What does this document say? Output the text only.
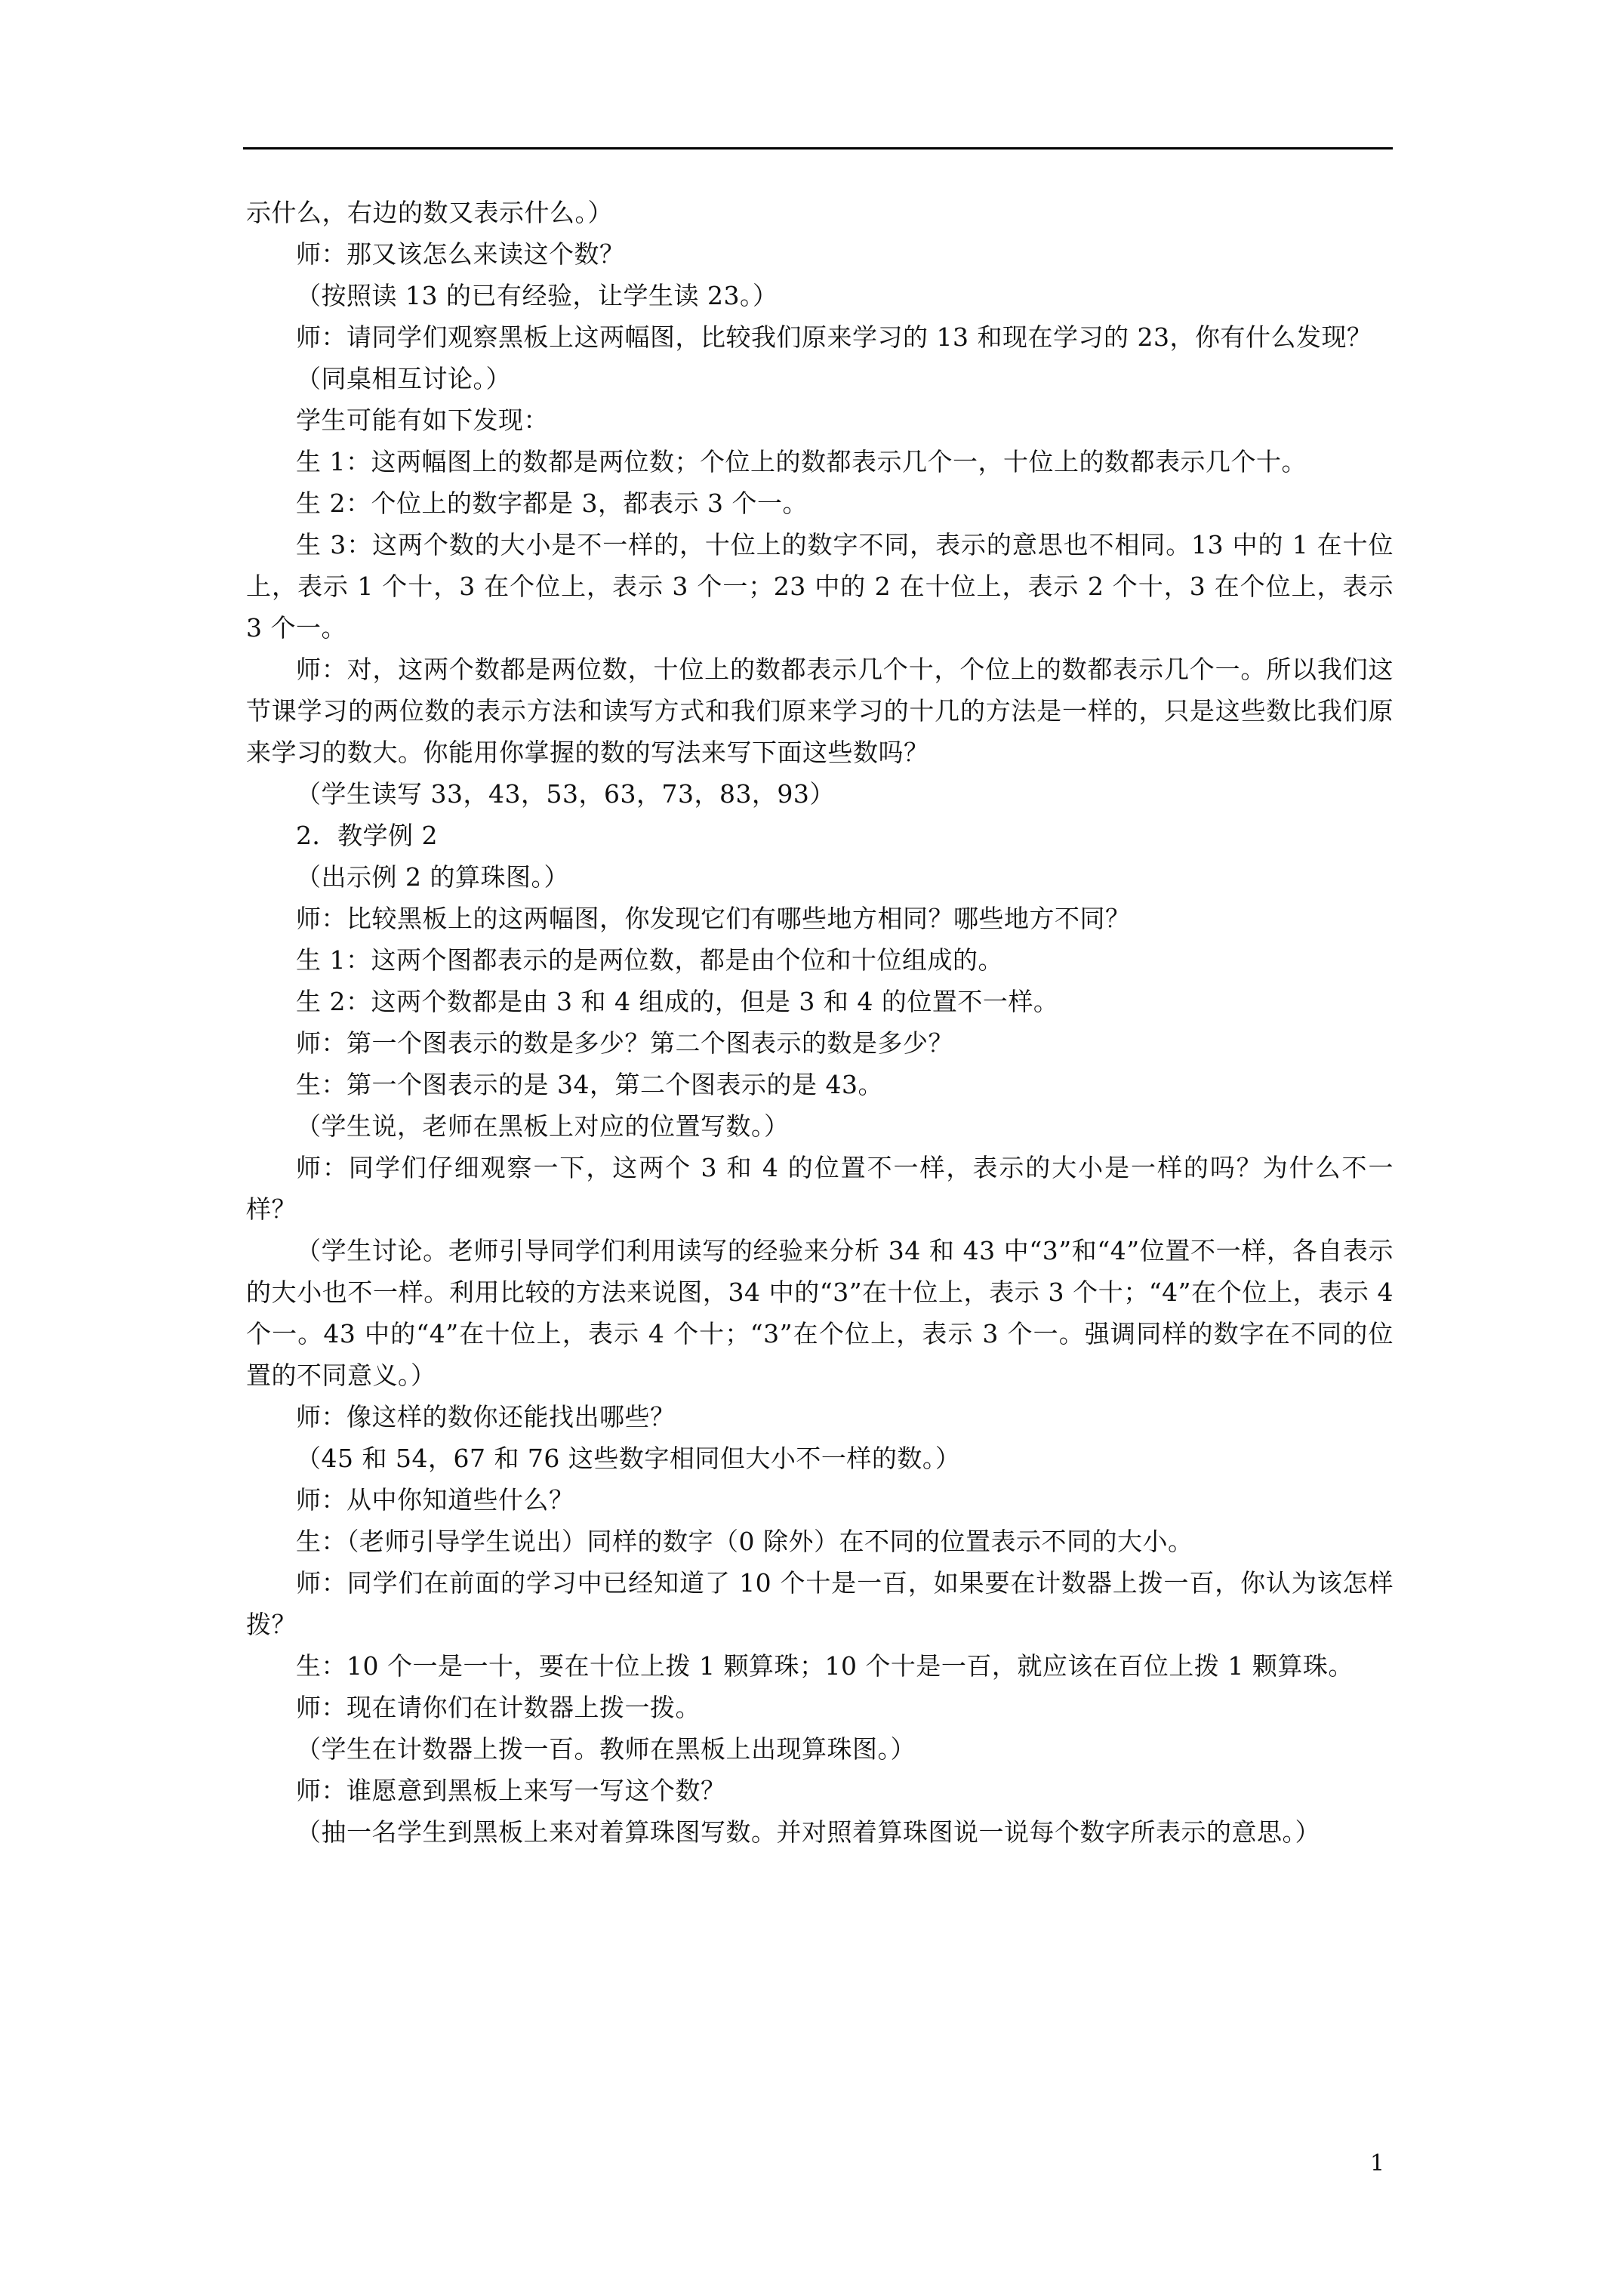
示什么，右边的数又表示什么。）

师：那又该怎么来读这个数？

（按照读 13 的已有经验，让学生读 23。）

师：请同学们观察黑板上这两幅图，比较我们原来学习的 13 和现在学习的 23，你有什么发现？

（同桌相互讨论。）

学生可能有如下发现：

生 1：这两幅图上的数都是两位数；个位上的数都表示几个一，十位上的数都表示几个十。

生 2：个位上的数字都是 3，都表示 3 个一。

生 3：这两个数的大小是不一样的，十位上的数字不同，表示的意思也不相同。13 中的 1 在十位上，表示 1 个十，3 在个位上，表示 3 个一；23 中的 2 在十位上，表示 2 个十，3 在个位上，表示 3 个一。

师：对，这两个数都是两位数，十位上的数都表示几个十，个位上的数都表示几个一。所以我们这节课学习的两位数的表示方法和读写方式和我们原来学习的十几的方法是一样的，只是这些数比我们原来学习的数大。你能用你掌握的数的写法来写下面这些数吗？

（学生读写 33，43，53，63，73，83，93）

2．教学例 2

（出示例 2 的算珠图。）

师：比较黑板上的这两幅图，你发现它们有哪些地方相同？哪些地方不同？

生 1：这两个图都表示的是两位数，都是由个位和十位组成的。

生 2：这两个数都是由 3 和 4 组成的，但是 3 和 4 的位置不一样。

师：第一个图表示的数是多少？第二个图表示的数是多少？

生：第一个图表示的是 34，第二个图表示的是 43。

（学生说，老师在黑板上对应的位置写数。）

师：同学们仔细观察一下，这两个 3 和 4 的位置不一样，表示的大小是一样的吗？为什么不一样？

（学生讨论。老师引导同学们利用读写的经验来分析 34 和 43 中“3”和“4”位置不一样，各自表示的大小也不一样。利用比较的方法来说图，34 中的“3”在十位上，表示 3 个十；“4”在个位上，表示 4 个一。43 中的“4”在十位上，表示 4 个十；“3”在个位上，表示 3 个一。强调同样的数字在不同的位置的不同意义。）

师：像这样的数你还能找出哪些？

（45 和 54，67 和 76 这些数字相同但大小不一样的数。）

师：从中你知道些什么？

生：（老师引导学生说出）同样的数字（0 除外）在不同的位置表示不同的大小。

师：同学们在前面的学习中已经知道了 10 个十是一百，如果要在计数器上拨一百，你认为该怎样拨？

生：10 个一是一十，要在十位上拨 1 颗算珠；10 个十是一百，就应该在百位上拨 1 颗算珠。

师：现在请你们在计数器上拨一拨。

（学生在计数器上拨一百。教师在黑板上出现算珠图。）

师：谁愿意到黑板上来写一写这个数？

（抽一名学生到黑板上来对着算珠图写数。并对照着算珠图说一说每个数字所表示的意思。）

1
